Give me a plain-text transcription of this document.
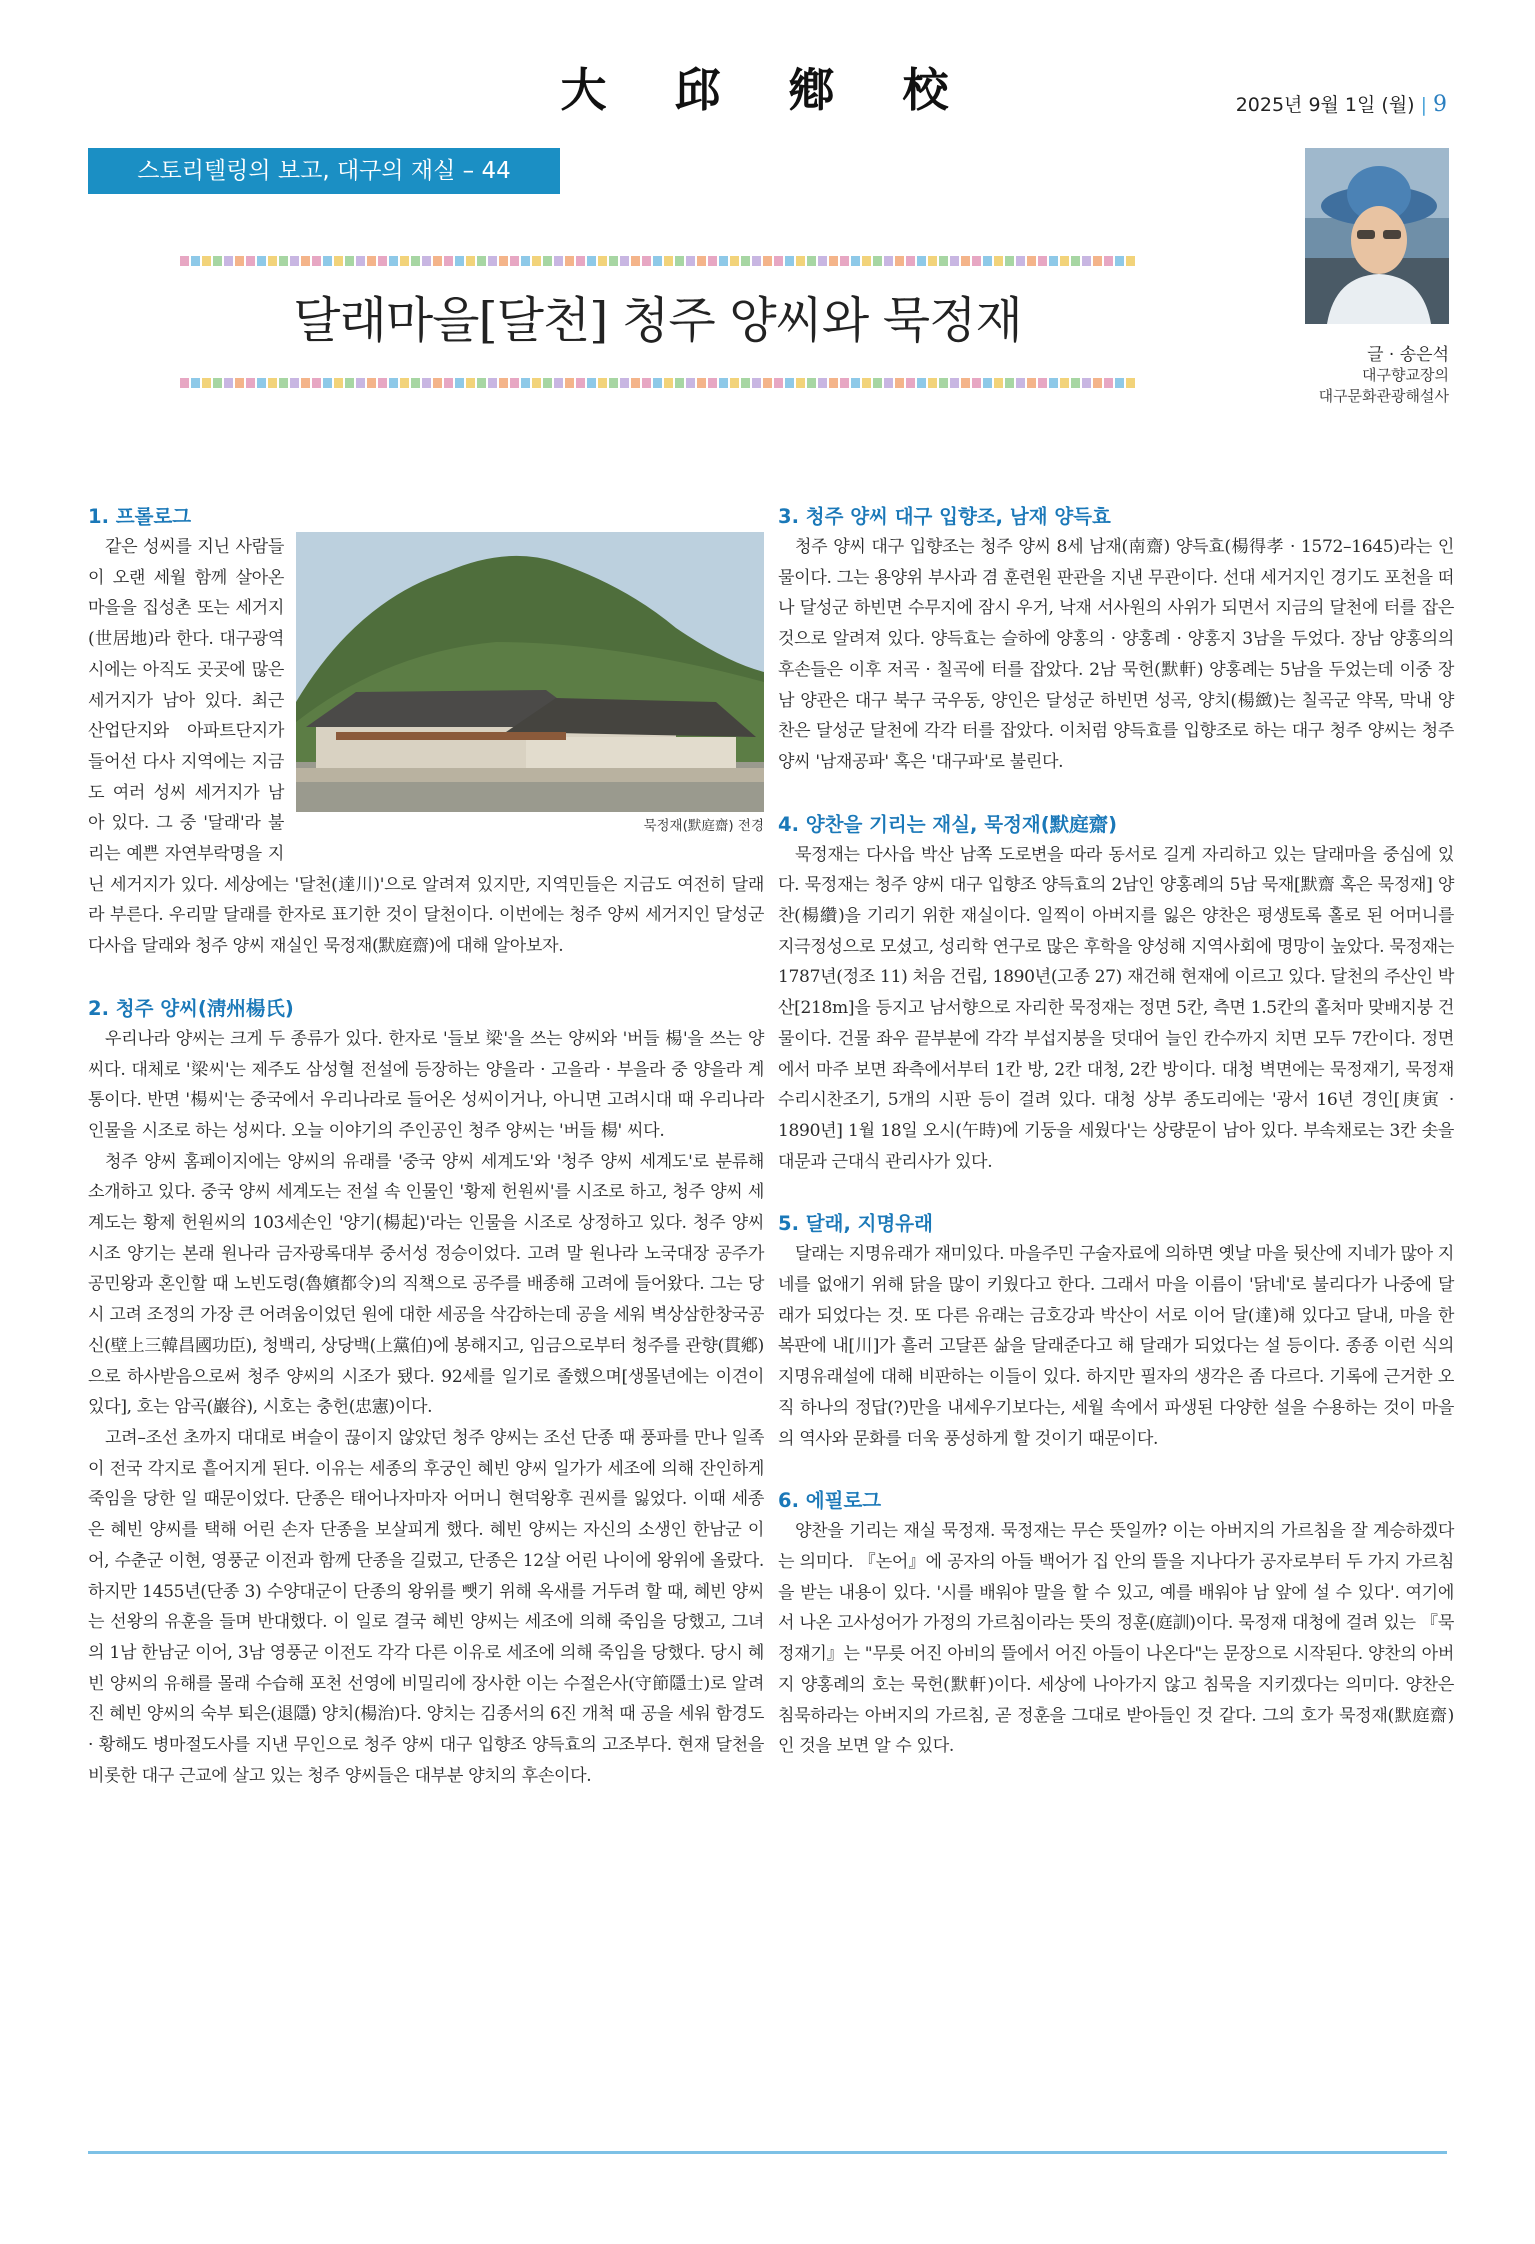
大 邱 鄕 校	2025년 9월 1일 (월) | 9
스토리텔링의 보고, 대구의 재실 – 44
달래마을[달천] 청주 양씨와 묵정재
글 · 송은석
대구향교장의
대구문화관광해설사
1. 프롤로그
묵정재(默庭齋) 전경

같은 성씨를 지닌 사람들이 오랜 세월 함께 살아온 마을을 집성촌 또는 세거지(世居地)라 한다. 대구광역시에는 아직도 곳곳에 많은 세거지가 남아 있다. 최근 산업단지와 아파트단지가 들어선 다사 지역에는 지금도 여러 성씨 세거지가 남아 있다. 그 중 '달래'라 불리는 예쁜 자연부락명을 지닌 세거지가 있다. 세상에는 '달천(達川)'으로 알려져 있지만, 지역민들은 지금도 여전히 달래라 부른다. 우리말 달래를 한자로 표기한 것이 달천이다. 이번에는 청주 양씨 세거지인 달성군 다사읍 달래와 청주 양씨 재실인 묵정재(默庭齋)에 대해 알아보자.

2. 청주 양씨(淸州楊氏)

우리나라 양씨는 크게 두 종류가 있다. 한자로 '들보 梁'을 쓰는 양씨와 '버들 楊'을 쓰는 양씨다. 대체로 '梁씨'는 제주도 삼성혈 전설에 등장하는 양을라 · 고을라 · 부을라 중 양을라 계통이다. 반면 '楊씨'는 중국에서 우리나라로 들어온 성씨이거나, 아니면 고려시대 때 우리나라 인물을 시조로 하는 성씨다. 오늘 이야기의 주인공인 청주 양씨는 '버들 楊' 씨다.

청주 양씨 홈페이지에는 양씨의 유래를 '중국 양씨 세계도'와 '청주 양씨 세계도'로 분류해 소개하고 있다. 중국 양씨 세계도는 전설 속 인물인 '황제 헌원씨'를 시조로 하고, 청주 양씨 세계도는 황제 헌원씨의 103세손인 '양기(楊起)'라는 인물을 시조로 상정하고 있다. 청주 양씨 시조 양기는 본래 원나라 금자광록대부 중서성 정승이었다. 고려 말 원나라 노국대장 공주가 공민왕과 혼인할 때 노빈도령(魯嬪都令)의 직책으로 공주를 배종해 고려에 들어왔다. 그는 당시 고려 조정의 가장 큰 어려움이었던 원에 대한 세공을 삭감하는데 공을 세워 벽상삼한창국공신(壁上三韓昌國功臣), 청백리, 상당백(上黨伯)에 봉해지고, 임금으로부터 청주를 관향(貫鄕)으로 하사받음으로써 청주 양씨의 시조가 됐다. 92세를 일기로 졸했으며[생몰년에는 이견이 있다], 호는 암곡(巖谷), 시호는 충헌(忠憲)이다.

고려–조선 초까지 대대로 벼슬이 끊이지 않았던 청주 양씨는 조선 단종 때 풍파를 만나 일족이 전국 각지로 흩어지게 된다. 이유는 세종의 후궁인 혜빈 양씨 일가가 세조에 의해 잔인하게 죽임을 당한 일 때문이었다. 단종은 태어나자마자 어머니 현덕왕후 권씨를 잃었다. 이때 세종은 혜빈 양씨를 택해 어린 손자 단종을 보살피게 했다. 혜빈 양씨는 자신의 소생인 한남군 이어, 수춘군 이현, 영풍군 이전과 함께 단종을 길렀고, 단종은 12살 어린 나이에 왕위에 올랐다. 하지만 1455년(단종 3) 수양대군이 단종의 왕위를 뺏기 위해 옥새를 거두려 할 때, 혜빈 양씨는 선왕의 유훈을 들며 반대했다. 이 일로 결국 혜빈 양씨는 세조에 의해 죽임을 당했고, 그녀의 1남 한남군 이어, 3남 영풍군 이전도 각각 다른 이유로 세조에 의해 죽임을 당했다. 당시 혜빈 양씨의 유해를 몰래 수습해 포천 선영에 비밀리에 장사한 이는 수절은사(守節隱士)로 알려진 혜빈 양씨의 숙부 퇴은(退隱) 양치(楊治)다. 양치는 김종서의 6진 개척 때 공을 세워 함경도 · 황해도 병마절도사를 지낸 무인으로 청주 양씨 대구 입향조 양득효의 고조부다. 현재 달천을 비롯한 대구 근교에 살고 있는 청주 양씨들은 대부분 양치의 후손이다.

3. 청주 양씨 대구 입향조, 남재 양득효

청주 양씨 대구 입향조는 청주 양씨 8세 남재(南齋) 양득효(楊得孝 · 1572–1645)라는 인물이다. 그는 용양위 부사과 겸 훈련원 판관을 지낸 무관이다. 선대 세거지인 경기도 포천을 떠나 달성군 하빈면 수무지에 잠시 우거, 낙재 서사원의 사위가 되면서 지금의 달천에 터를 잡은 것으로 알려져 있다. 양득효는 슬하에 양홍의 · 양홍례 · 양홍지 3남을 두었다. 장남 양홍의의 후손들은 이후 저곡 · 칠곡에 터를 잡았다. 2남 묵헌(默軒) 양홍례는 5남을 두었는데 이중 장남 양관은 대구 북구 국우동, 양인은 달성군 하빈면 성곡, 양치(楊緻)는 칠곡군 약목, 막내 양찬은 달성군 달천에 각각 터를 잡았다. 이처럼 양득효를 입향조로 하는 대구 청주 양씨는 청주 양씨 '남재공파' 혹은 '대구파'로 불린다.

4. 양찬을 기리는 재실, 묵정재(默庭齋)

묵정재는 다사읍 박산 남쪽 도로변을 따라 동서로 길게 자리하고 있는 달래마을 중심에 있다. 묵정재는 청주 양씨 대구 입향조 양득효의 2남인 양홍례의 5남 묵재[默齋 혹은 묵정재] 양찬(楊纘)을 기리기 위한 재실이다. 일찍이 아버지를 잃은 양찬은 평생토록 홀로 된 어머니를 지극정성으로 모셨고, 성리학 연구로 많은 후학을 양성해 지역사회에 명망이 높았다. 묵정재는 1787년(정조 11) 처음 건립, 1890년(고종 27) 재건해 현재에 이르고 있다. 달천의 주산인 박산[218m]을 등지고 남서향으로 자리한 묵정재는 정면 5칸, 측면 1.5칸의 홑처마 맞배지붕 건물이다. 건물 좌우 끝부분에 각각 부섭지붕을 덧대어 늘인 칸수까지 치면 모두 7칸이다. 정면에서 마주 보면 좌측에서부터 1칸 방, 2칸 대청, 2칸 방이다. 대청 벽면에는 묵정재기, 묵정재수리시찬조기, 5개의 시판 등이 걸려 있다. 대청 상부 종도리에는 '광서 16년 경인[庚寅 · 1890년] 1월 18일 오시(午時)에 기둥을 세웠다'는 상량문이 남아 있다. 부속채로는 3칸 솟을대문과 근대식 관리사가 있다.

5. 달래, 지명유래

달래는 지명유래가 재미있다. 마을주민 구술자료에 의하면 옛날 마을 뒷산에 지네가 많아 지네를 없애기 위해 닭을 많이 키웠다고 한다. 그래서 마을 이름이 '닭네'로 불리다가 나중에 달래가 되었다는 것. 또 다른 유래는 금호강과 박산이 서로 이어 달(達)해 있다고 달내, 마을 한복판에 내[川]가 흘러 고달픈 삶을 달래준다고 해 달래가 되었다는 설 등이다. 종종 이런 식의 지명유래설에 대해 비판하는 이들이 있다. 하지만 필자의 생각은 좀 다르다. 기록에 근거한 오직 하나의 정답(?)만을 내세우기보다는, 세월 속에서 파생된 다양한 설을 수용하는 것이 마을의 역사와 문화를 더욱 풍성하게 할 것이기 때문이다.

6. 에필로그

양찬을 기리는 재실 묵정재. 묵정재는 무슨 뜻일까? 이는 아버지의 가르침을 잘 계승하겠다는 의미다. 『논어』에 공자의 아들 백어가 집 안의 뜰을 지나다가 공자로부터 두 가지 가르침을 받는 내용이 있다. '시를 배워야 말을 할 수 있고, 예를 배워야 남 앞에 설 수 있다'. 여기에서 나온 고사성어가 가정의 가르침이라는 뜻의 정훈(庭訓)이다. 묵정재 대청에 걸려 있는 『묵정재기』는 "무릇 어진 아비의 뜰에서 어진 아들이 나온다"는 문장으로 시작된다. 양찬의 아버지 양홍례의 호는 묵헌(默軒)이다. 세상에 나아가지 않고 침묵을 지키겠다는 의미다. 양찬은 침묵하라는 아버지의 가르침, 곧 정훈을 그대로 받아들인 것 같다. 그의 호가 묵정재(默庭齋)인 것을 보면 알 수 있다.
